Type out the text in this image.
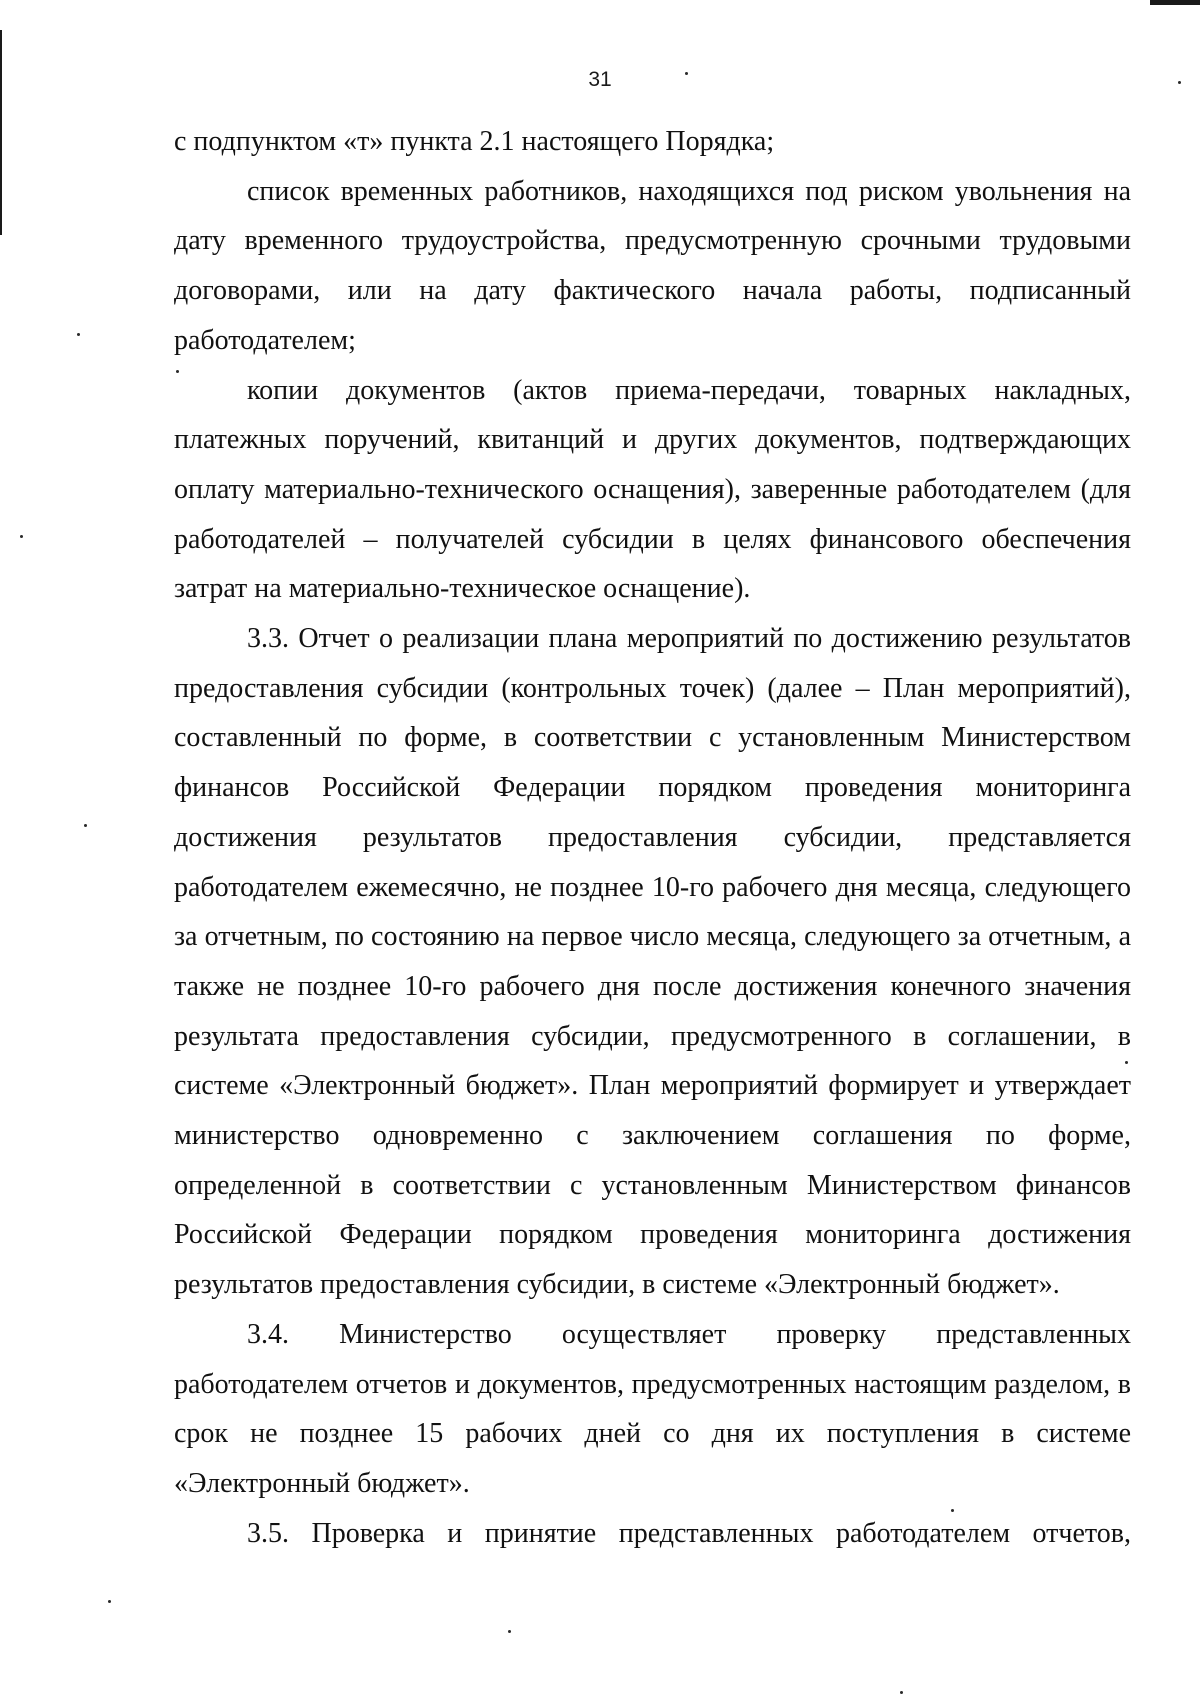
31

с подпунктом «т» пункта 2.1 настоящего Порядка;

список временных работников, находящихся под риском увольнения на дату временного трудоустройства, предусмотренную срочными трудовыми договорами, или на дату фактического начала работы, подписанный работодателем;

копии документов (актов приема-передачи, товарных накладных, платежных поручений, квитанций и других документов, подтверждающих оплату материально-технического оснащения), заверенные работодателем (для работодателей – получателей субсидии в целях финансового обеспечения затрат на материально-техническое оснащение).

3.3. Отчет о реализации плана мероприятий по достижению результатов предоставления субсидии (контрольных точек) (далее – План мероприятий), составленный по форме, в соответствии с установленным Министерством финансов Российской Федерации порядком проведения мониторинга достижения результатов предоставления субсидии, представляется работодателем ежемесячно, не позднее 10-го рабочего дня месяца, следующего за отчетным, по состоянию на первое число месяца, следующего за отчетным, а также не позднее 10-го рабочего дня после достижения конечного значения результата предоставления субсидии, предусмотренного в соглашении, в системе «Электронный бюджет». План мероприятий формирует и утверждает министерство одновременно с заключением соглашения по форме, определенной в соответствии с установленным Министерством финансов Российской Федерации порядком проведения мониторинга достижения результатов предоставления субсидии, в системе «Электронный бюджет».

3.4. Министерство осуществляет проверку представленных работодателем отчетов и документов, предусмотренных настоящим разделом, в срок не позднее 15 рабочих дней со дня их поступления в системе «Электронный бюджет».

3.5. Проверка и принятие представленных работодателем отчетов,
